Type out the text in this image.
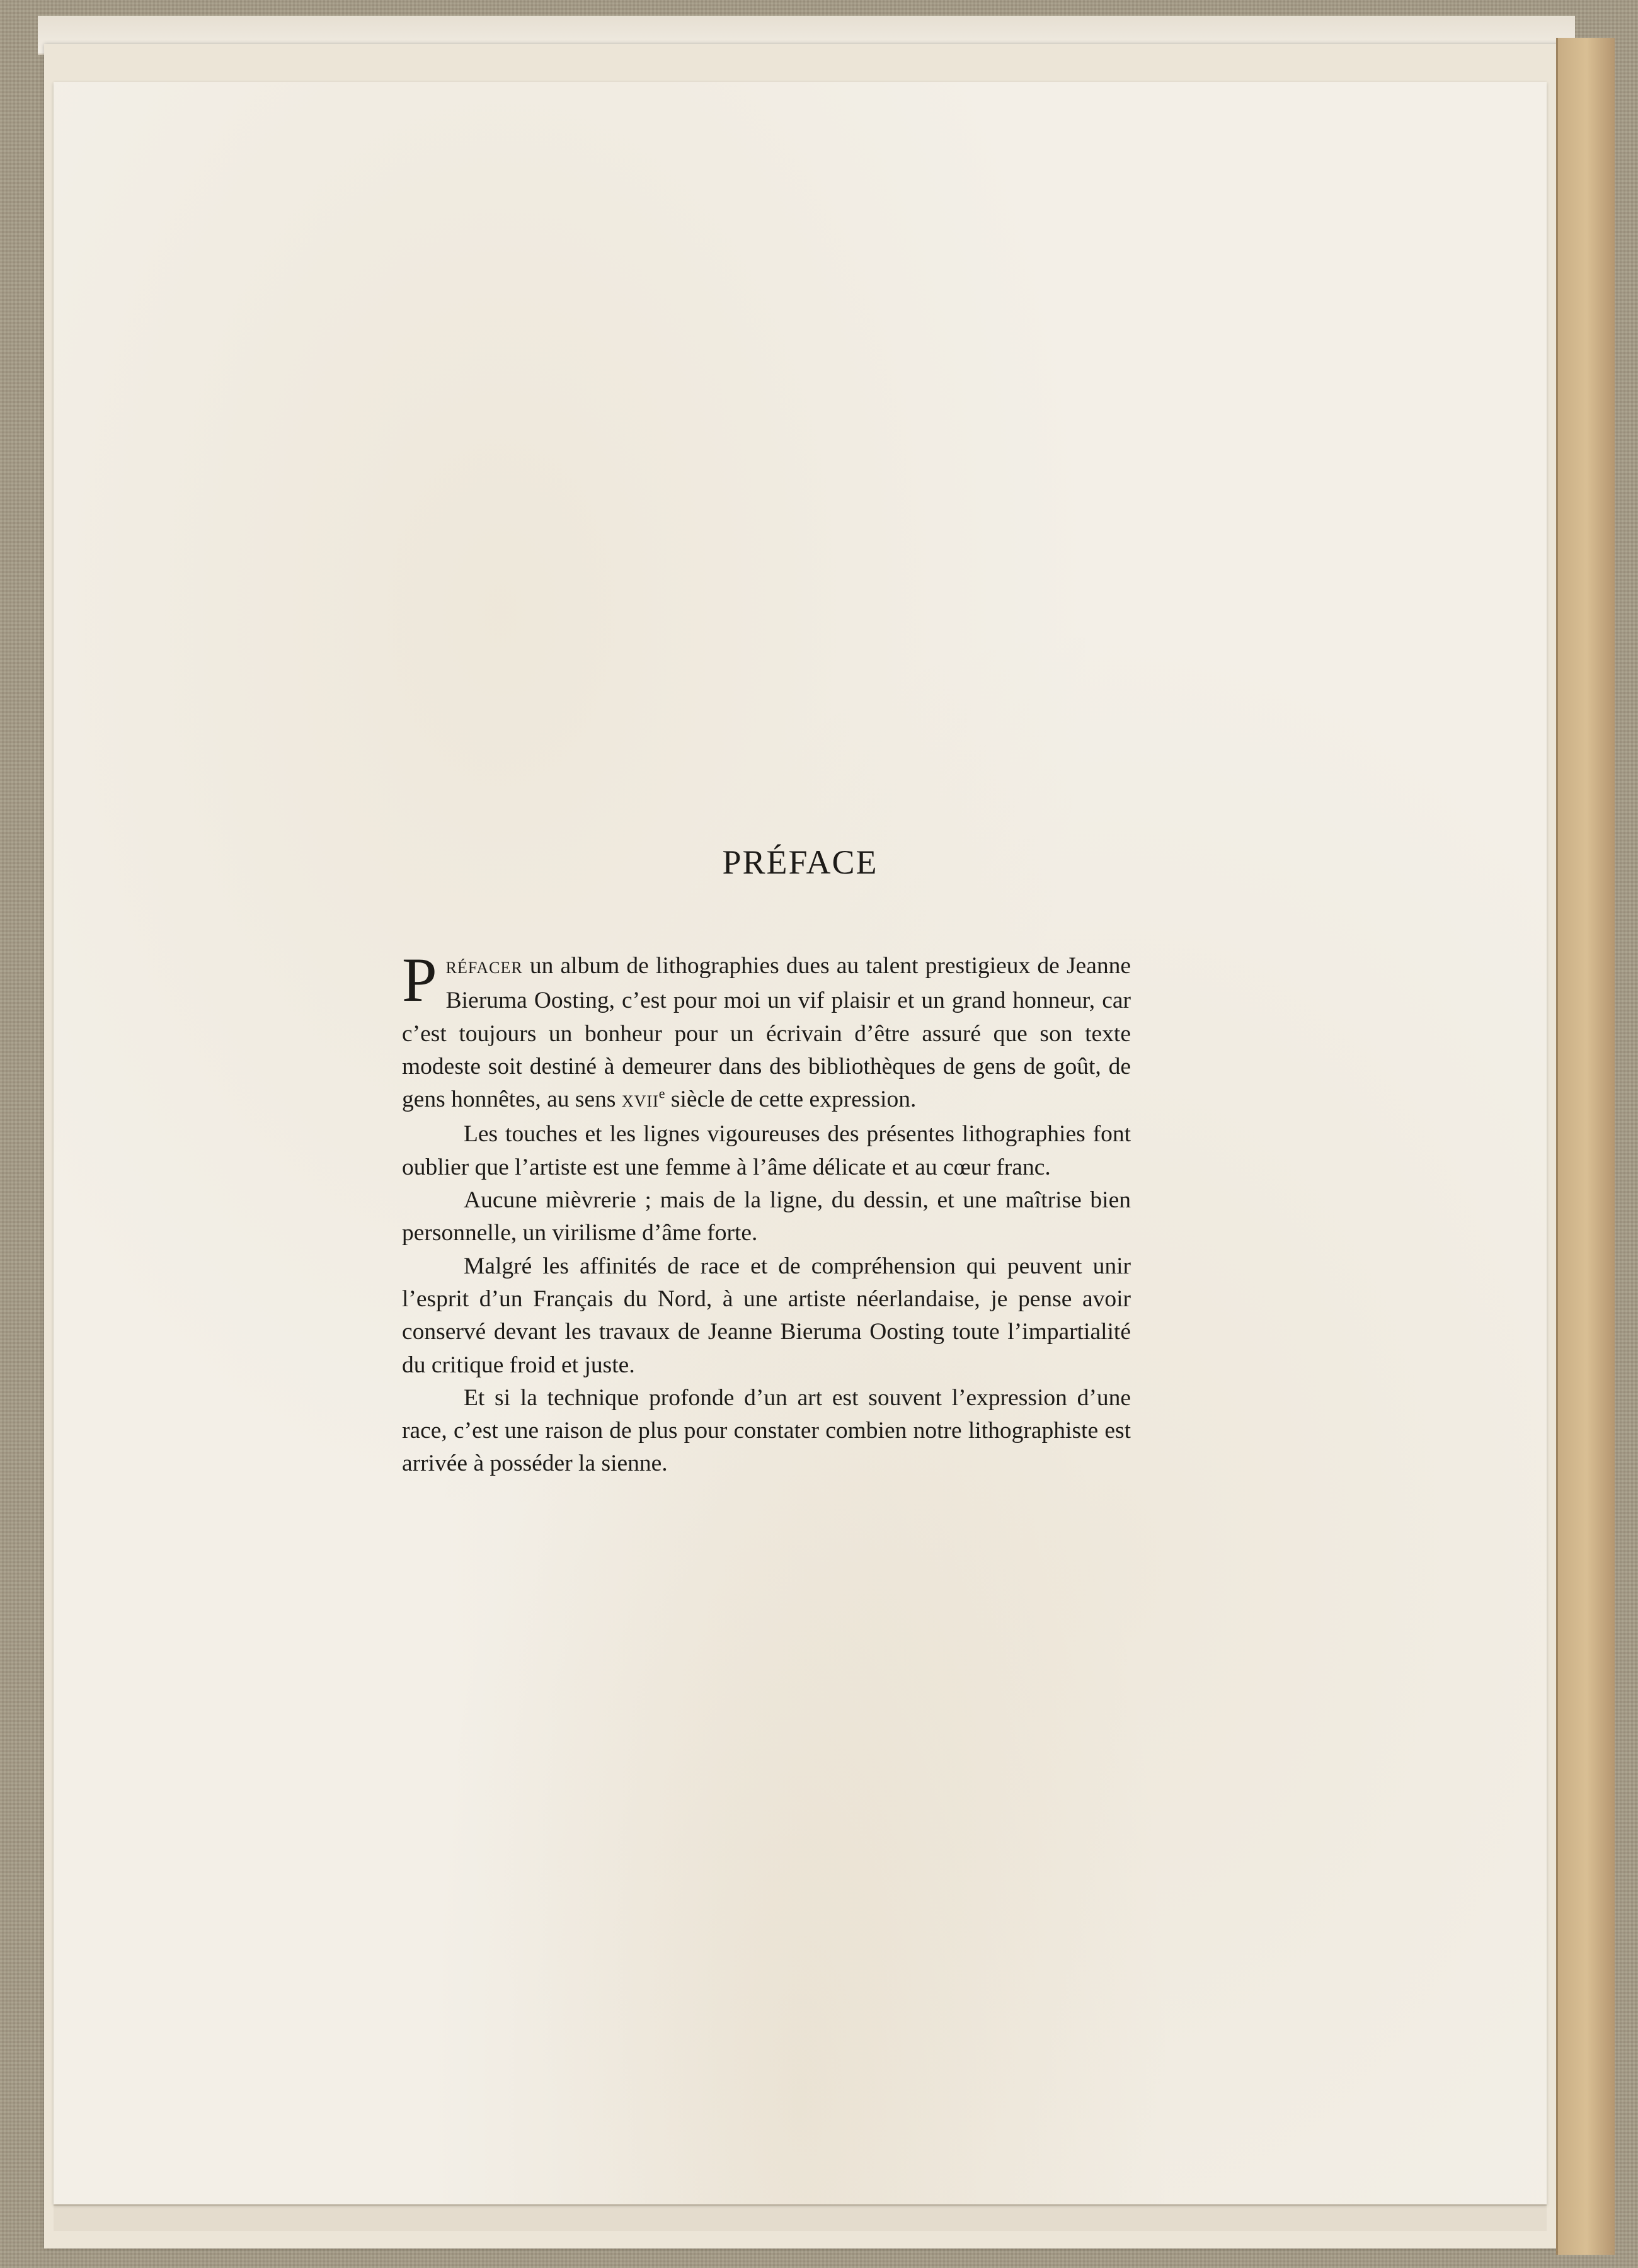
PRÉFACE

PRÉFACER un album de lithographies dues au talent prestigieux de Jeanne Bieruma Oosting, c’est pour moi un vif plaisir et un grand honneur, car c’est toujours un bonheur pour un écrivain d’être assuré que son texte modeste soit destiné à demeurer dans des bibliothèques de gens de goût, de gens honnêtes, au sens XVIIe siècle de cette expression.

Les touches et les lignes vigoureuses des présentes lithographies font oublier que l’artiste est une femme à l’âme délicate et au cœur franc.

Aucune mièvrerie ; mais de la ligne, du dessin, et une maîtrise bien personnelle, un virilisme d’âme forte.

Malgré les affinités de race et de compréhension qui peuvent unir l’esprit d’un Français du Nord, à une artiste néerlandaise, je pense avoir conservé devant les travaux de Jeanne Bieruma Oosting toute l’impartialité du critique froid et juste.

Et si la technique profonde d’un art est souvent l’expression d’une race, c’est une raison de plus pour constater combien notre lithographiste est arrivée à posséder la sienne.
